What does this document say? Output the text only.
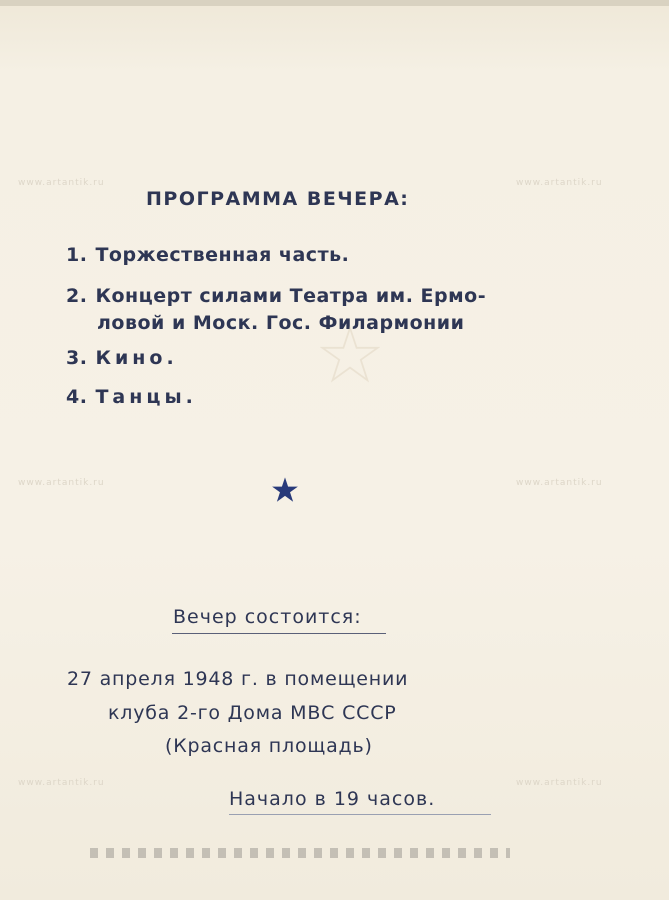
www.artantik.ru	www.artantik.ru
www.artantik.ru	www.artantik.ru
www.artantik.ru	www.artantik.ru
ПРОГРАММА ВЕЧЕРА:
1. Торжественная часть.
2. Концерт силами Театра им. Ермо-
ловой и Моск. Гос. Филармонии
3. Кино.
4. Танцы.
Вечер состоится:
27 апреля 1948 г. в помещении
клуба 2-го Дома МВС СССР
(Красная площадь)
Начало в 19 часов.
